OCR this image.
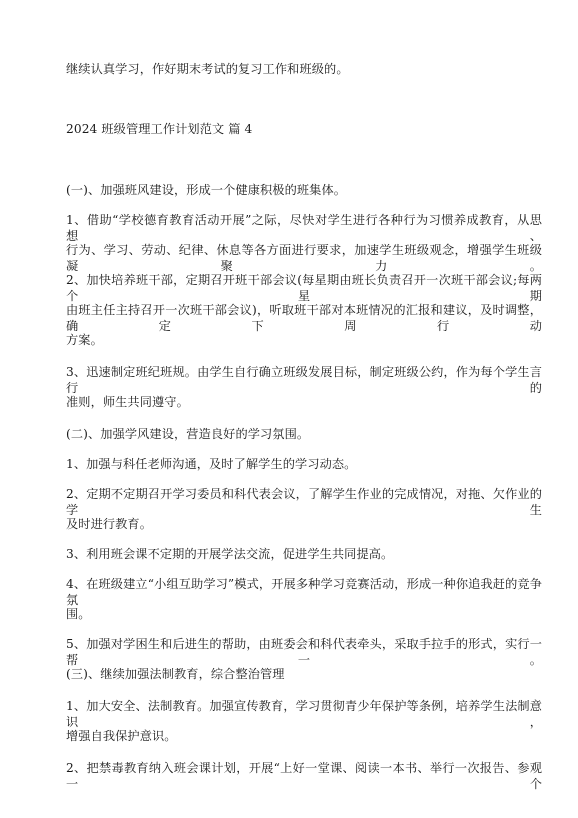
继续认真学习，作好期末考试的复习工作和班级的。
2024 班级管理工作计划范文 篇 4
(一)、加强班风建设，形成一个健康积极的班集体。
1、借助“学校德育教育活动开展”之际，尽快对学生进行各种行为习惯养成教育，从思想、
行为、学习、劳动、纪律、休息等各方面进行要求，加速学生班级观念，增强学生班级凝聚力。
2、加快培养班干部，定期召开班干部会议(每星期由班长负责召开一次班干部会议;每两个星期
由班主任主持召开一次班干部会议)，听取班干部对本班情况的汇报和建议，及时调整，确定下周行动
方案。
3、迅速制定班纪班规。由学生自行确立班级发展目标，制定班级公约，作为每个学生言行的
准则，师生共同遵守。
(二)、加强学风建设，营造良好的学习氛围。
1、加强与科任老师沟通，及时了解学生的学习动态。
2、定期不定期召开学习委员和科代表会议，了解学生作业的完成情况，对拖、欠作业的学生
及时进行教育。
3、利用班会课不定期的开展学法交流，促进学生共同提高。
4、在班级建立“小组互助学习”模式，开展多种学习竞赛活动，形成一种你追我赶的竞争氛
围。
5、加强对学困生和后进生的帮助，由班委会和科代表牵头，采取手拉手的形式，实行一帮一。
(三)、继续加强法制教育，综合整治管理
1、加大安全、法制教育。加强宣传教育，学习贯彻青少年保护等条例，培养学生法制意识，
增强自我保护意识。
2、把禁毒教育纳入班会课计划，开展“上好一堂课、阅读一本书、举行一次报告、参观一个
